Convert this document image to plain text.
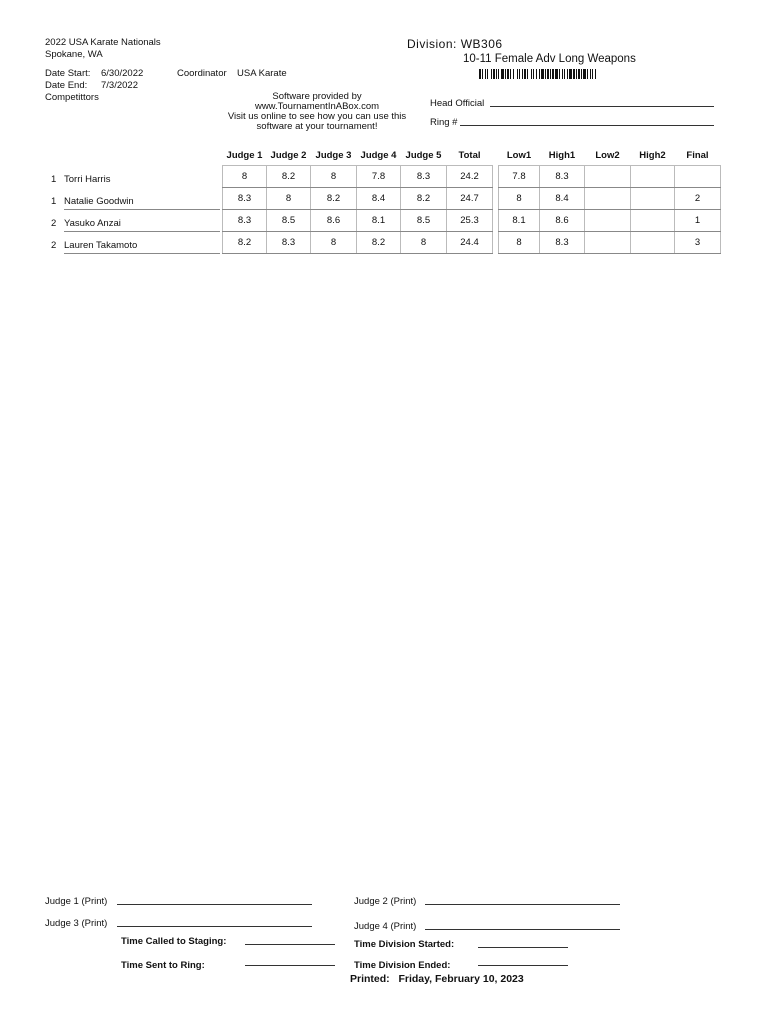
2022 USA Karate Nationals
Spokane, WA
Date Start: 6/30/2022
Date End: 7/3/2022
Competittors
Coordinator USA Karate
Division: WB306
10-11 Female Adv Long Weapons
Software provided by
www.TournamentInABox.com
Visit us online to see how you can use this
software at your tournament!
Head Official
Ring #
1 Torri Harris
1 Natalie Goodwin
2 Yasuko Anzai
2 Lauren Takamoto
Judge 1	Judge 2	Judge 3	Judge 4	Judge 5	Total		Low1	High1	Low2	High2	Final
8	8.2	8	7.8	8.3	24.2		7.8	8.3			
8.3	8	8.2	8.4	8.2	24.7		8	8.4			2
8.3	8.5	8.6	8.1	8.5	25.3		8.1	8.6			1
8.2	8.3	8	8.2	8	24.4		8	8.3			3
Judge 1 (Print)	Judge 2 (Print)
Judge 3 (Print)	Judge 4 (Print)
Time Called to Staging:	Time Division Started:
Time Sent to Ring:	Time Division Ended:
Printed: Friday, February 10, 2023
